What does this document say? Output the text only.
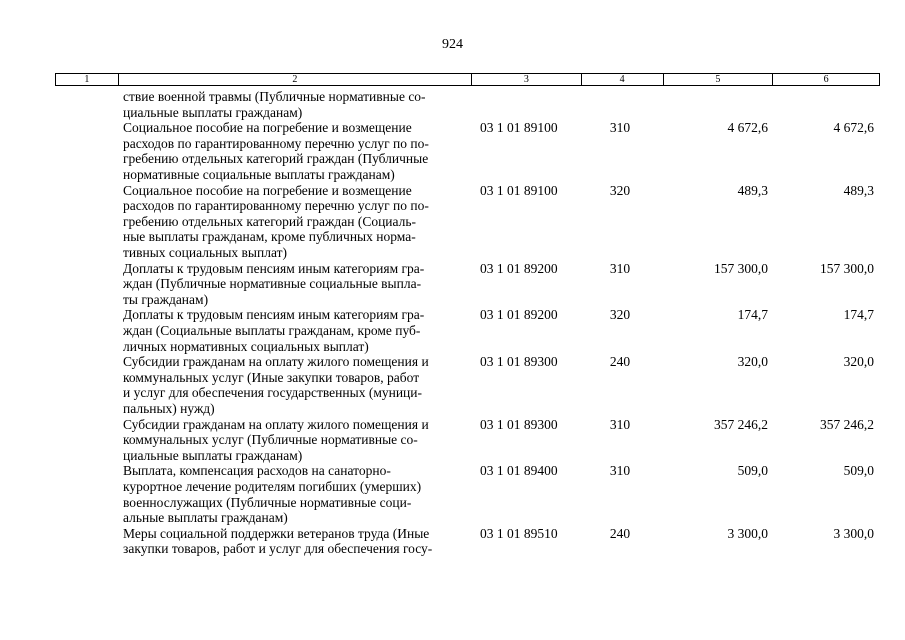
924
1	2	3	4	5	6
ствие военной травмы (Публичные нормативные со-
циальные выплаты гражданам)
Социальное пособие на погребение и возмещение
расходов по гарантированному перечню услуг по по-
гребению отдельных категорий граждан (Публичные
нормативные социальные выплаты гражданам)
03 1 01 89100	310	4 672,6	4 672,6
Социальное пособие на погребение и возмещение
расходов по гарантированному перечню услуг по по-
гребению отдельных категорий граждан (Социаль-
ные выплаты гражданам, кроме публичных норма-
тивных социальных выплат)
03 1 01 89100	320	489,3	489,3
Доплаты к трудовым пенсиям иным категориям гра-
ждан (Публичные нормативные социальные выпла-
ты гражданам)
03 1 01 89200	310	157 300,0	157 300,0
Доплаты к трудовым пенсиям иным категориям гра-
ждан (Социальные выплаты гражданам, кроме пуб-
личных нормативных социальных выплат)
03 1 01 89200	320	174,7	174,7
Субсидии гражданам на оплату жилого помещения и
коммунальных услуг (Иные закупки товаров, работ
и услуг для обеспечения государственных (муници-
пальных) нужд)
03 1 01 89300	240	320,0	320,0
Субсидии гражданам на оплату жилого помещения и
коммунальных услуг (Публичные нормативные со-
циальные выплаты гражданам)
03 1 01 89300	310	357 246,2	357 246,2
Выплата, компенсация расходов на санаторно-
курортное лечение родителям погибших (умерших)
военнослужащих (Публичные нормативные соци-
альные выплаты гражданам)
03 1 01 89400	310	509,0	509,0
Меры социальной поддержки ветеранов труда (Иные
закупки товаров, работ и услуг для обеспечения госу-
03 1 01 89510	240	3 300,0	3 300,0
